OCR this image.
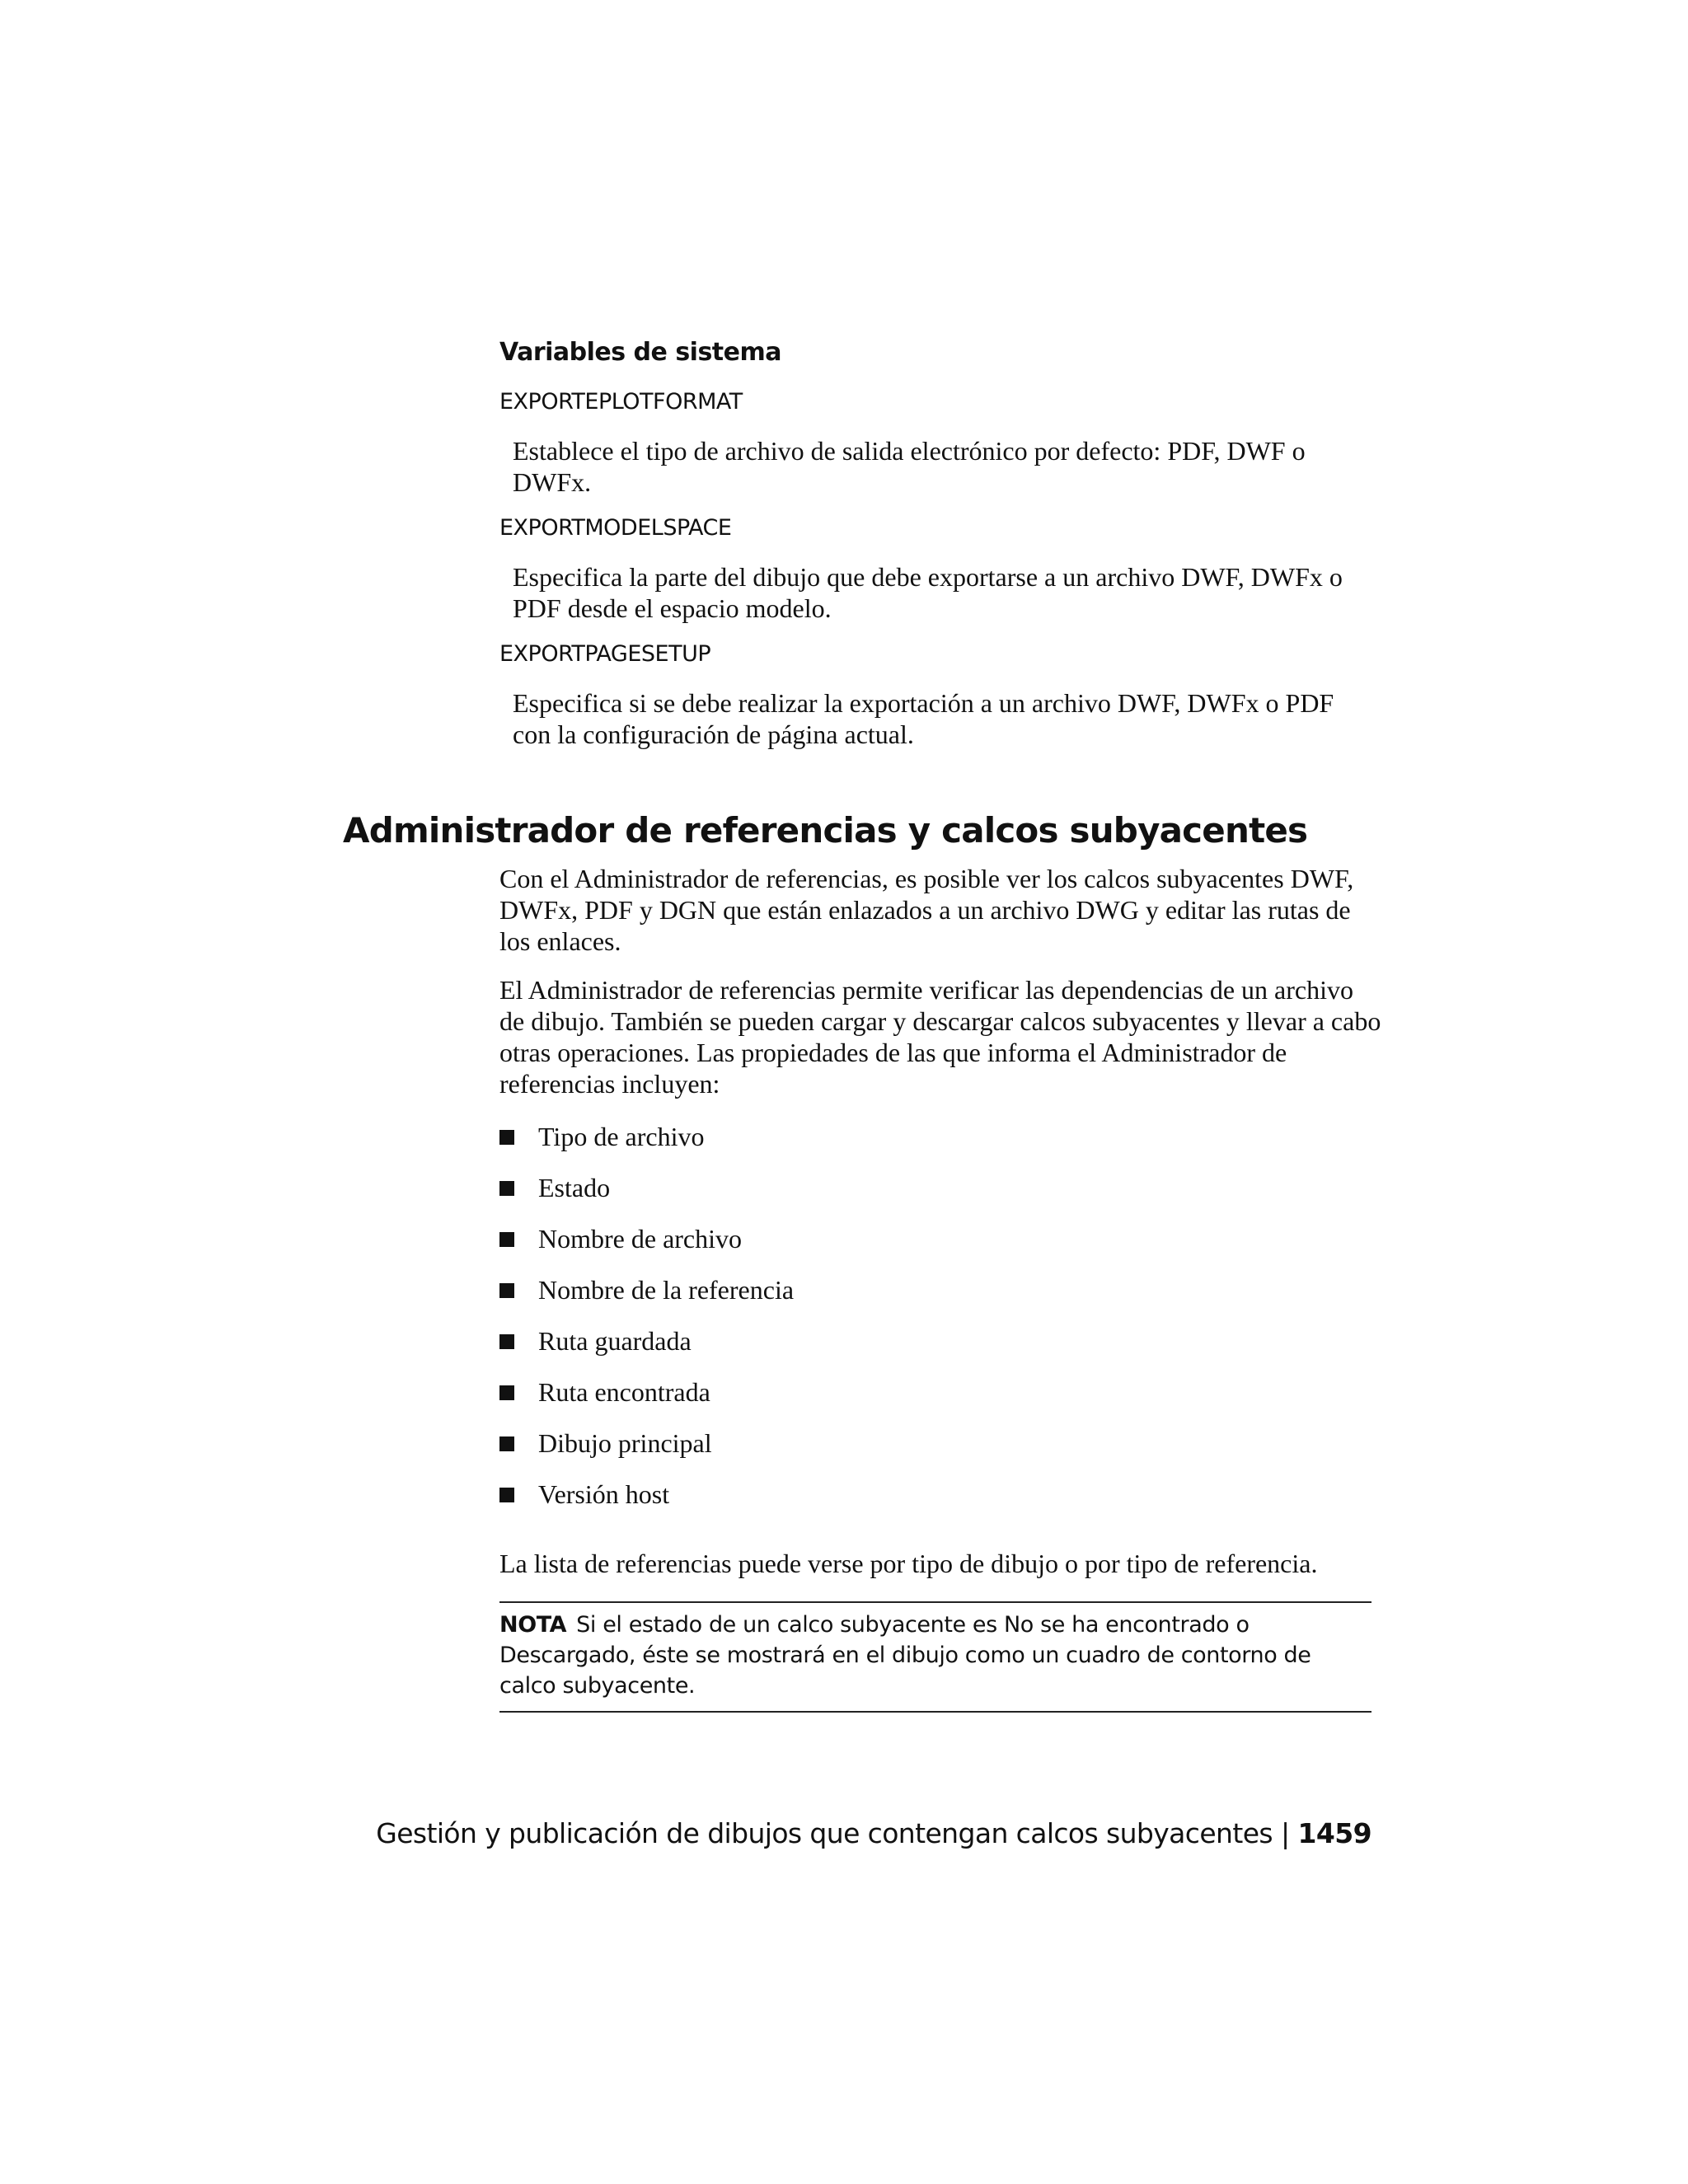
Variables de sistema

EXPORTEPLOTFORMAT

Establece el tipo de archivo de salida electrónico por defecto: PDF, DWF o DWFx.

EXPORTMODELSPACE

Especifica la parte del dibujo que debe exportarse a un archivo DWF, DWFx o PDF desde el espacio modelo.

EXPORTPAGESETUP

Especifica si se debe realizar la exportación a un archivo DWF, DWFx o PDF con la configuración de página actual.

Administrador de referencias y calcos subyacentes

Con el Administrador de referencias, es posible ver los calcos subyacentes DWF, DWFx, PDF y DGN que están enlazados a un archivo DWG y editar las rutas de los enlaces.

El Administrador de referencias permite verificar las dependencias de un archivo de dibujo. También se pueden cargar y descargar calcos subyacentes y llevar a cabo otras operaciones. Las propiedades de las que informa el Administrador de referencias incluyen:

Tipo de archivo
Estado
Nombre de archivo
Nombre de la referencia
Ruta guardada
Ruta encontrada
Dibujo principal
Versión host

La lista de referencias puede verse por tipo de dibujo o por tipo de referencia.

NOTA Si el estado de un calco subyacente es No se ha encontrado o Descargado, éste se mostrará en el dibujo como un cuadro de contorno de calco subyacente.
Gestión y publicación de dibujos que contengan calcos subyacentes | 1459
